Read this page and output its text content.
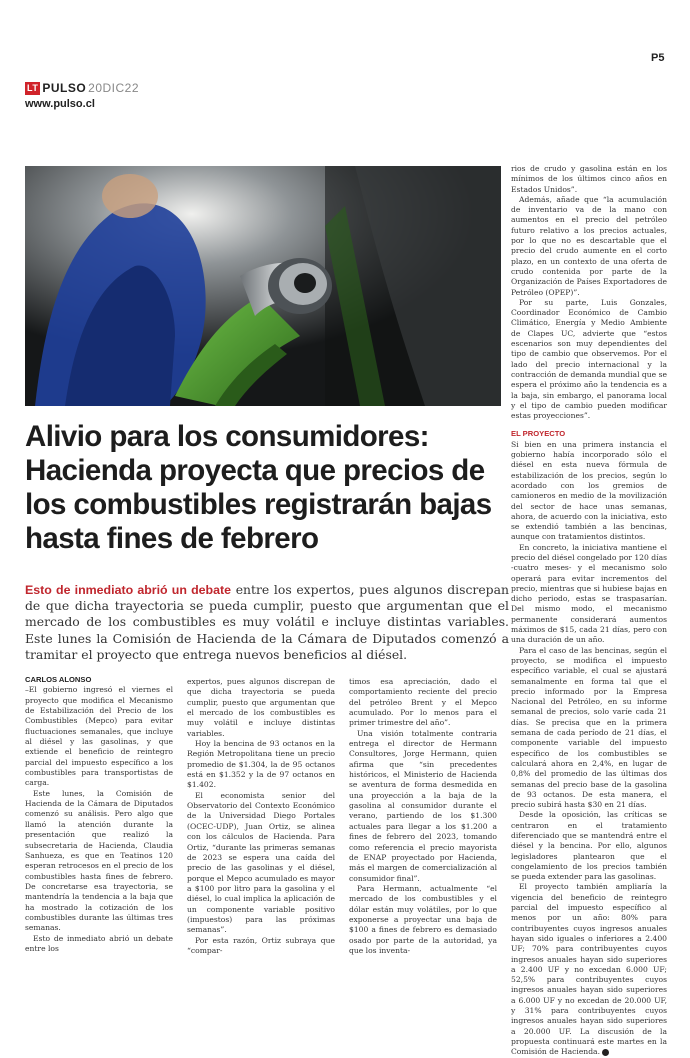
P5
LT PULSO 20DIC22
www.pulso.cl

rios de crudo y gasolina están en los mínimos de los últimos cinco años en Estados Unidos”.

Además, añade que “la acumulación de inventario va de la mano con aumentos en el precio del petróleo futuro relativo a los precios actuales, por lo que no es descartable que el precio del crudo aumente en el corto plazo, en un contexto de una oferta de crudo contenida por parte de la Organización de Países Exportadores de Petróleo (OPEP)”.

Por su parte, Luis Gonzales, Coordinador Económico de Cambio Climático, Energía y Medio Ambiente de Clapes UC, advierte que “estos escenarios son muy dependientes del tipo de cambio que observemos. Por el lado del precio internacional y la contracción de demanda mundial que se espera el próximo año la tendencia es a la baja, sin embargo, el panorama local y el tipo de cambio pueden modificar estas proyecciones”.

EL PROYECTO

Si bien en una primera instancia el gobierno había incorporado sólo el diésel en esta nueva fórmula de estabilización de los precios, según lo acordado con los gremios de camioneros en medio de la movilización del sector de hace unas semanas, ahora, de acuerdo con la iniciativa, esto se extendió también a las bencinas, aunque con tratamientos distintos.

En concreto, la iniciativa mantiene el precio del diésel congelado por 120 días -cuatro meses- y el mecanismo solo operará para evitar incrementos del precio, mientras que si hubiese bajas en dicho periodo, estas se traspasarían. Del mismo modo, el mecanismo permanente considerará aumentos máximos de $15, cada 21 días, pero con una duración de un año.

Para el caso de las bencinas, según el proyecto, se modifica el impuesto específico variable, el cual se ajustará semanalmente en forma tal que el precio informado por la Empresa Nacional del Petróleo, en su informe semanal de precios, solo varíe cada 21 días. Se precisa que en la primera semana de cada período de 21 días, el componente variable del impuesto específico de los combustibles se calculará ahora en 2,4%, en lugar de 0,8% del promedio de las últimas dos semanas del precio base de la gasolina de 93 octanos. De esta manera, el precio subirá hasta $30 en 21 días.

Desde la oposición, las críticas se centraron en el tratamiento diferenciado que se mantendrá entre el diésel y la bencina. Por ello, algunos legisladores plantearon que el congelamiento de los precios también se pueda extender para las gasolinas.

El proyecto también ampliaría la vigencia del beneficio de reintegro parcial del impuesto específico al menos por un año: 80% para contribuyentes cuyos ingresos anuales hayan sido iguales o inferiores a 2.400 UF; 70% para contribuyentes cuyos ingresos anuales hayan sido superiores a 2.400 UF y no excedan 6.000 UF; 52,5% para contribuyentes cuyos ingresos anuales hayan sido superiores a 6.000 UF y no excedan de 20.000 UF, y 31% para contribuyentes cuyos ingresos anuales hayan sido superiores a 20.000 UF. La discusión de la propuesta continuará este martes en la Comisión de Hacienda.

Alivio para los consumidores: Hacienda proyecta que precios de los combustibles registrarán bajas hasta fines de febrero
Esto de inmediato abrió un debate entre los expertos, pues algunos discrepan de que dicha trayectoria se pueda cumplir, puesto que argumentan que el mercado de los combustibles es muy volátil e incluye distintas variables. Este lunes la Comisión de Hacienda de la Cámara de Diputados comenzó a tramitar el proyecto que entrega nuevos beneficios al diésel.

CARLOS ALONSO

–El gobierno ingresó el viernes el proyecto que modifica el Mecanismo de Estabilización del Precio de los Combustibles (Mepco) para evitar fluctuaciones semanales, que incluye al diésel y las gasolinas, y que extiende el beneficio de reintegro parcial del impuesto específico a los combustibles para transportistas de carga.

Este lunes, la Comisión de Hacienda de la Cámara de Diputados comenzó su análisis. Pero algo que llamó la atención durante la presentación que realizó la subsecretaria de Hacienda, Claudia Sanhueza, es que en Teatinos 120 esperan retrocesos en el precio de los combustibles hasta fines de febrero. De concretarse esa trayectoria, se mantendría la tendencia a la baja que ha mostrado la cotización de los combustibles durante las últimas tres semanas.

Esto de inmediato abrió un debate entre los

expertos, pues algunos discrepan de que dicha trayectoria se pueda cumplir, puesto que argumentan que el mercado de los combustibles es muy volátil e incluye distintas variables.

Hoy la bencina de 93 octanos en la Región Metropolitana tiene un precio promedio de $1.304, la de 95 octanos está en $1.352 y la de 97 octanos en $1.402.

El economista senior del Observatorio del Contexto Económico de la Universidad Diego Portales (OCEC-UDP), Juan Ortiz, se alinea con los cálculos de Hacienda. Para Ortiz, “durante las primeras semanas de 2023 se espera una caída del precio de las gasolinas y el diésel, porque el Mepco acumulado es mayor a $100 por litro para la gasolina y el diésel, lo cual implica la aplicación de un componente variable positivo (impuestos) para las próximas semanas”.

Por esta razón, Ortiz subraya que “compar-

timos esa apreciación, dado el comportamiento reciente del precio del petróleo Brent y el Mepco acumulado. Por lo menos para el primer trimestre del año”.

Una visión totalmente contraria entrega el director de Hermann Consultores, Jorge Hermann, quien afirma que “sin precedentes históricos, el Ministerio de Hacienda se aventura de forma desmedida en una proyección a la baja de la gasolina al consumidor durante el verano, partiendo de los $1.300 actuales para llegar a los $1.200 a fines de febrero del 2023, tomando como referencia el precio mayorista de ENAP proyectado por Hacienda, más el margen de comercialización al consumidor final”.

Para Hermann, actualmente “el mercado de los combustibles y el dólar están muy volátiles, por lo que exponerse a proyectar una baja de $100 a fines de febrero es demasiado osado por parte de la autoridad, ya que los inventa-
